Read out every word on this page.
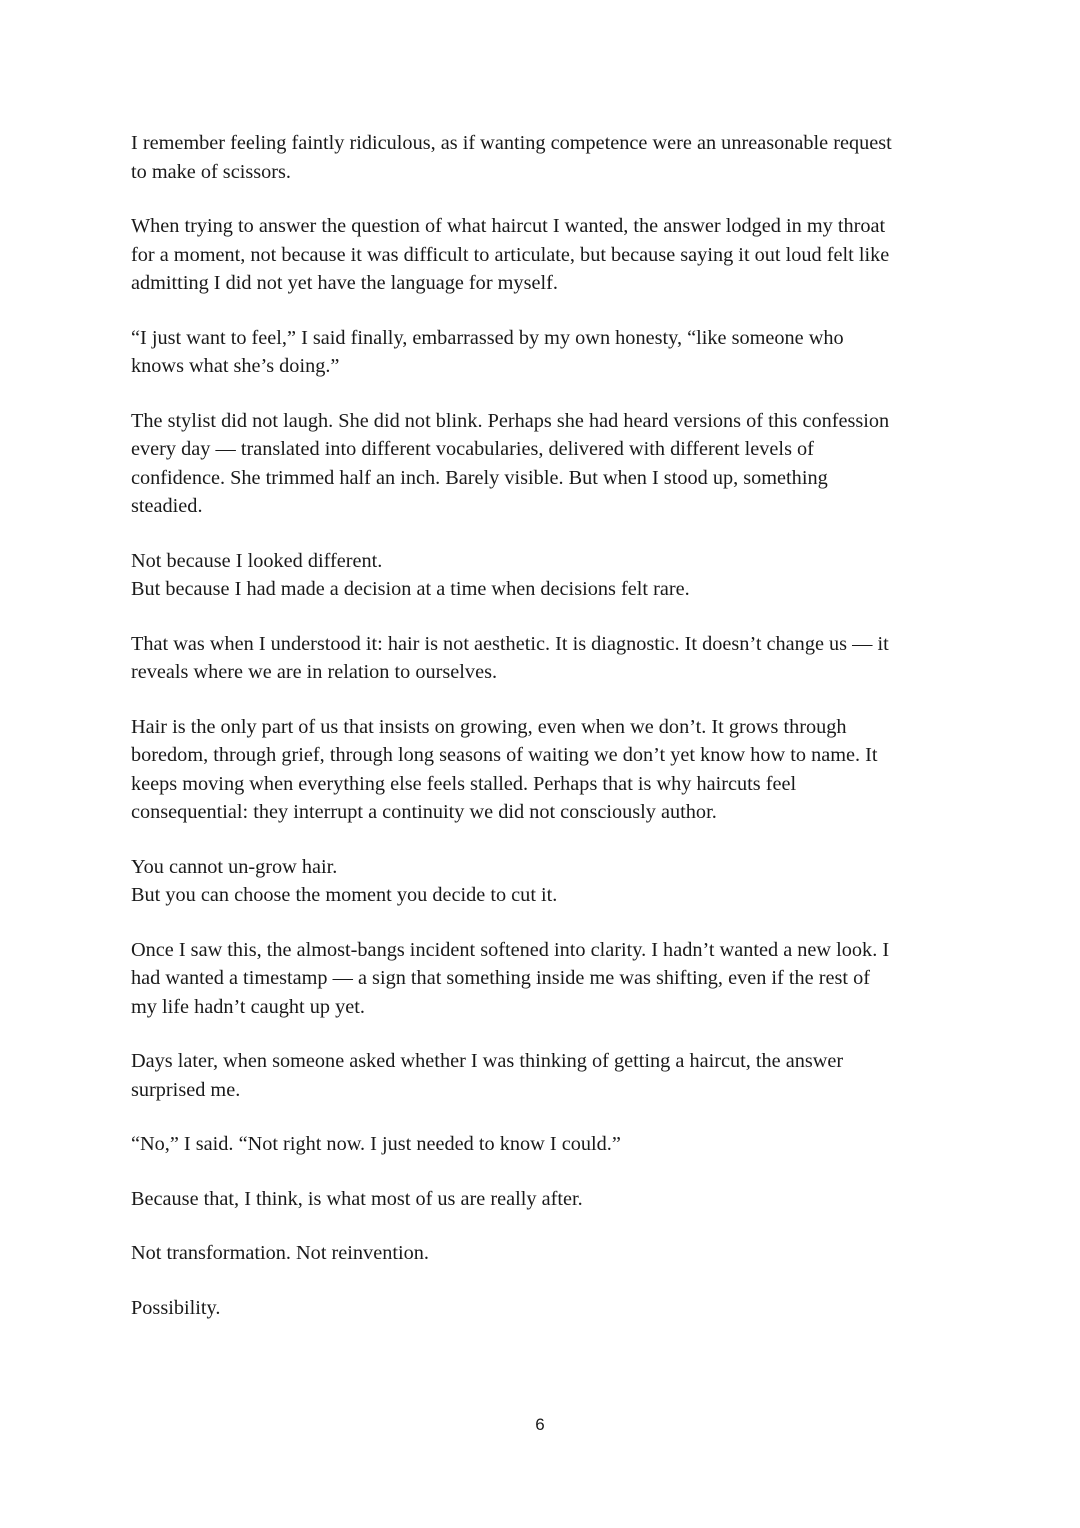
I remember feeling faintly ridiculous, as if wanting competence were an unreasonable request
to make of scissors.

When trying to answer the question of what haircut I wanted, the answer lodged in my throat
for a moment, not because it was difficult to articulate, but because saying it out loud felt like
admitting I did not yet have the language for myself.

“I just want to feel,” I said finally, embarrassed by my own honesty, “like someone who
knows what she’s doing.”

The stylist did not laugh. She did not blink. Perhaps she had heard versions of this confession
every day — translated into different vocabularies, delivered with different levels of
confidence. She trimmed half an inch. Barely visible. But when I stood up, something
steadied.

Not because I looked different.
But because I had made a decision at a time when decisions felt rare.

That was when I understood it: hair is not aesthetic. It is diagnostic. It doesn’t change us — it
reveals where we are in relation to ourselves.

Hair is the only part of us that insists on growing, even when we don’t. It grows through
boredom, through grief, through long seasons of waiting we don’t yet know how to name. It
keeps moving when everything else feels stalled. Perhaps that is why haircuts feel
consequential: they interrupt a continuity we did not consciously author.

You cannot un-grow hair.
But you can choose the moment you decide to cut it.

Once I saw this, the almost-bangs incident softened into clarity. I hadn’t wanted a new look. I
had wanted a timestamp — a sign that something inside me was shifting, even if the rest of
my life hadn’t caught up yet.

Days later, when someone asked whether I was thinking of getting a haircut, the answer
surprised me.

“No,” I said. “Not right now. I just needed to know I could.”

Because that, I think, is what most of us are really after.

Not transformation. Not reinvention.

Possibility.

6
